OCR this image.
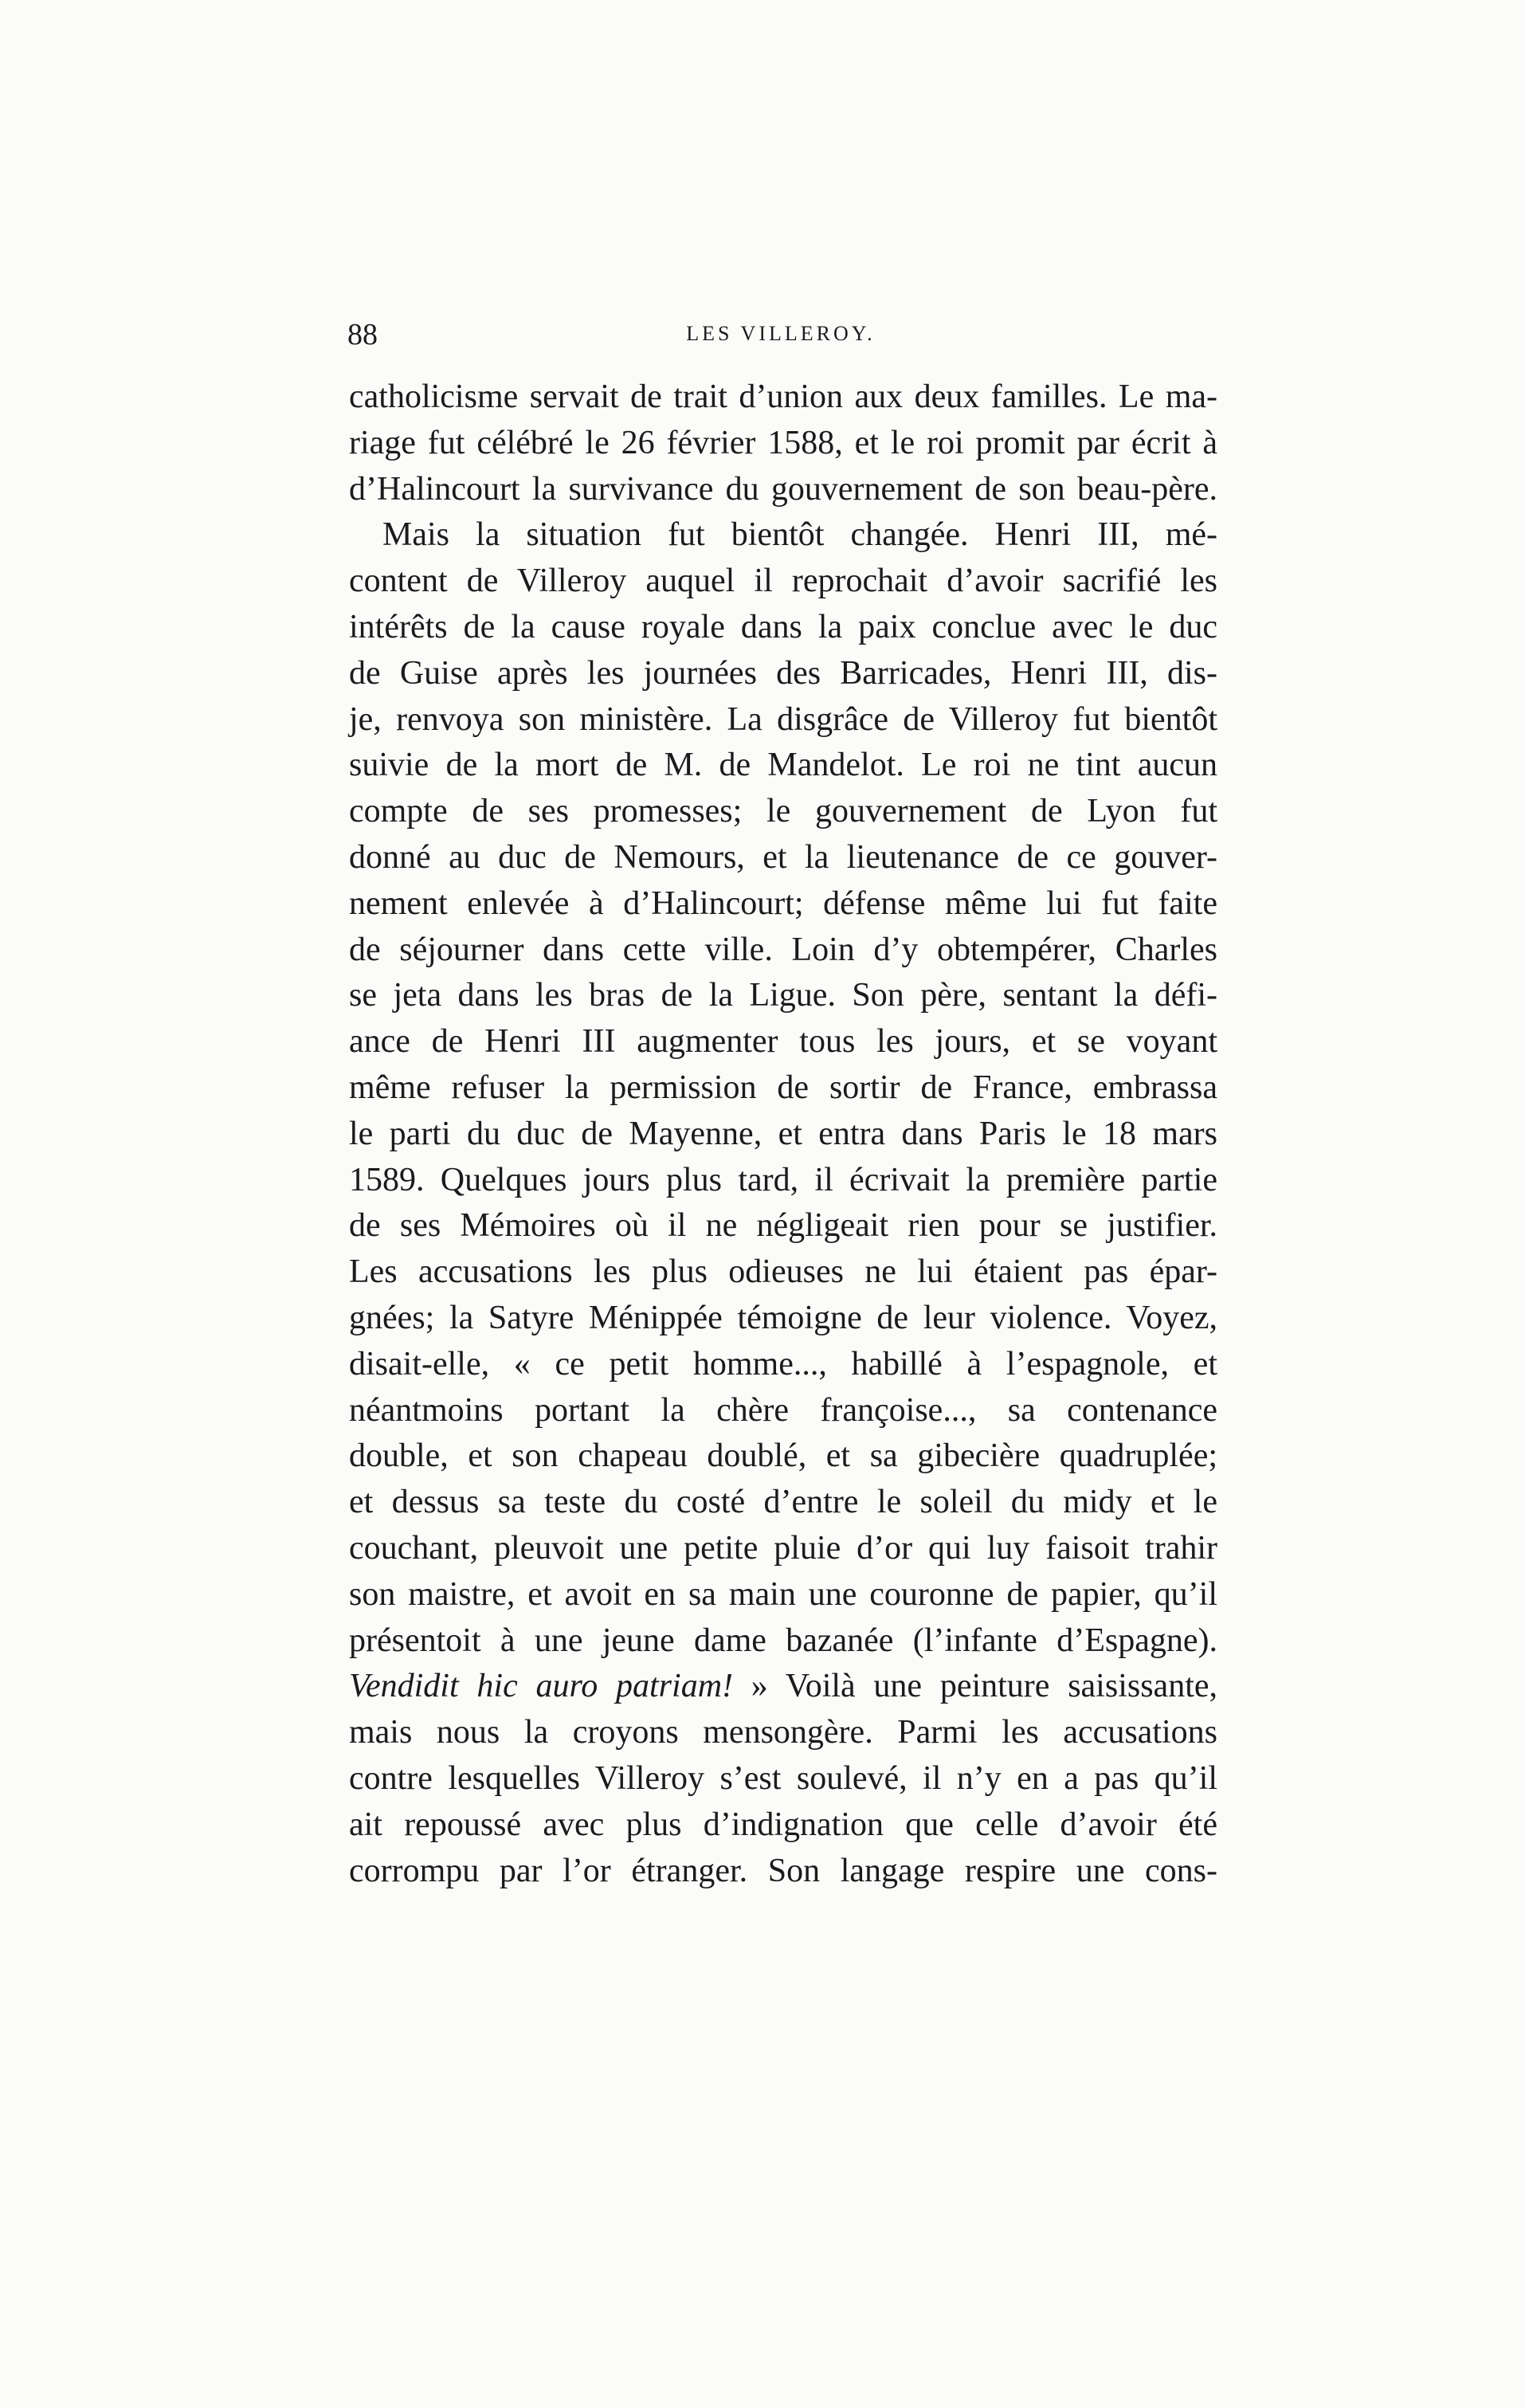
88	LES VILLEROY.
catholicisme servait de trait d’union aux deux familles. Le ma-
riage fut célébré le 26 février 1588, et le roi promit par écrit à
d’Halincourt la survivance du gouvernement de son beau-père.
Mais la situation fut bientôt changée. Henri III, mé-
content de Villeroy auquel il reprochait d’avoir sacrifié les
intérêts de la cause royale dans la paix conclue avec le duc
de Guise après les journées des Barricades, Henri III, dis-
je, renvoya son ministère. La disgrâce de Villeroy fut bientôt
suivie de la mort de M. de Mandelot. Le roi ne tint aucun
compte de ses promesses; le gouvernement de Lyon fut
donné au duc de Nemours, et la lieutenance de ce gouver-
nement enlevée à d’Halincourt; défense même lui fut faite
de séjourner dans cette ville. Loin d’y obtempérer, Charles
se jeta dans les bras de la Ligue. Son père, sentant la défi-
ance de Henri III augmenter tous les jours, et se voyant
même refuser la permission de sortir de France, embrassa
le parti du duc de Mayenne, et entra dans Paris le 18 mars
1589. Quelques jours plus tard, il écrivait la première partie
de ses Mémoires où il ne négligeait rien pour se justifier.
Les accusations les plus odieuses ne lui étaient pas épar-
gnées; la Satyre Ménippée témoigne de leur violence. Voyez,
disait-elle, « ce petit homme..., habillé à l’espagnole, et
néantmoins portant la chère françoise..., sa contenance
double, et son chapeau doublé, et sa gibecière quadruplée;
et dessus sa teste du costé d’entre le soleil du midy et le
couchant, pleuvoit une petite pluie d’or qui luy faisoit trahir
son maistre, et avoit en sa main une couronne de papier, qu’il
présentoit à une jeune dame bazanée (l’infante d’Espagne).
Vendidit hic auro patriam! » Voilà une peinture saisissante,
mais nous la croyons mensongère. Parmi les accusations
contre lesquelles Villeroy s’est soulevé, il n’y en a pas qu’il
ait repoussé avec plus d’indignation que celle d’avoir été
corrompu par l’or étranger. Son langage respire une cons-
